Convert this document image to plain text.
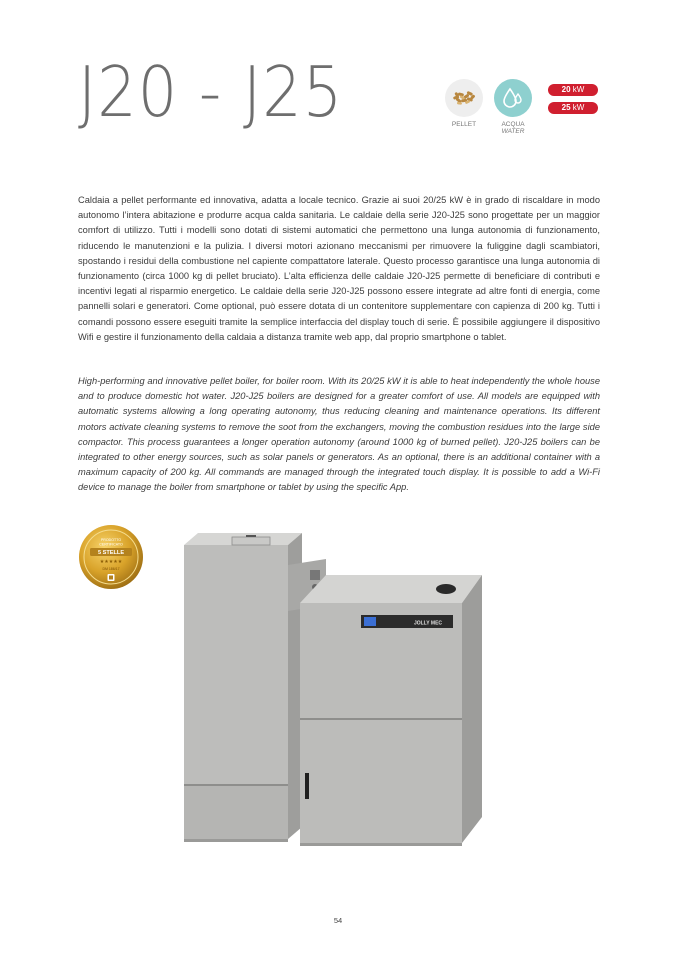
J20 - J25	PELLET	ACQUA
WATER
20 kW
25 kW

Caldaia a pellet performante ed innovativa, adatta a locale tecnico. Grazie ai suoi 20/25 kW è in grado di riscaldare in modo autonomo l’intera abitazione e produrre acqua calda sanitaria. Le caldaie della serie J20-J25 sono progettate per un maggior comfort di utilizzo. Tutti i modelli sono dotati di sistemi automatici che permettono una lunga autonomia di funzionamento, riducendo le manutenzioni e la pulizia. I diversi motori azionano meccanismi per rimuovere la fuliggine dagli scambiatori, spostando i residui della combustione nel capiente compattatore laterale. Questo processo garantisce una lunga autonomia di funzionamento (circa 1000 kg di pellet bruciato). L’alta efficienza delle caldaie J20-J25 permette di beneficiare di contributi e incentivi legati al risparmio energetico. Le caldaie della serie J20-J25 possono essere integrate ad altre fonti di energia, come pannelli solari e generatori. Come optional, può essere dotata di un contenitore supplementare con capienza di 200 kg. Tutti i comandi possono essere eseguiti tramite la semplice interfaccia del display touch di serie. È possibile aggiungere il dispositivo Wifi e gestire il funzionamento della caldaia a distanza tramite web app, dal proprio smartphone o tablet.

High-performing and innovative pellet boiler, for boiler room. With its 20/25 kW it is able to heat independently the whole house and to produce domestic hot water. J20-J25 boilers are designed for a greater comfort of use. All models are equipped with automatic systems allowing a long operating autonomy, thus reducing cleaning and maintenance operations. Its different motors activate cleaning systems to remove the soot from the exchangers, moving the combustion residues into the large side compactor. This process guarantees a longer operation autonomy (around 1000 kg of burned pellet). J20-J25 boilers can be integrated to other energy sources, such as solar panels or generators. As an optional, there is an additional container with a maximum capacity of 200 kg. All commands are managed through the integrated touch display. It is possible to add a Wi-Fi device to manage the boiler from smartphone or tablet by using the specific App.

PRODOTTO
CERTIFICATO
5 STELLE
★★★★★
DM 186/17
JOLLY MEC
54
